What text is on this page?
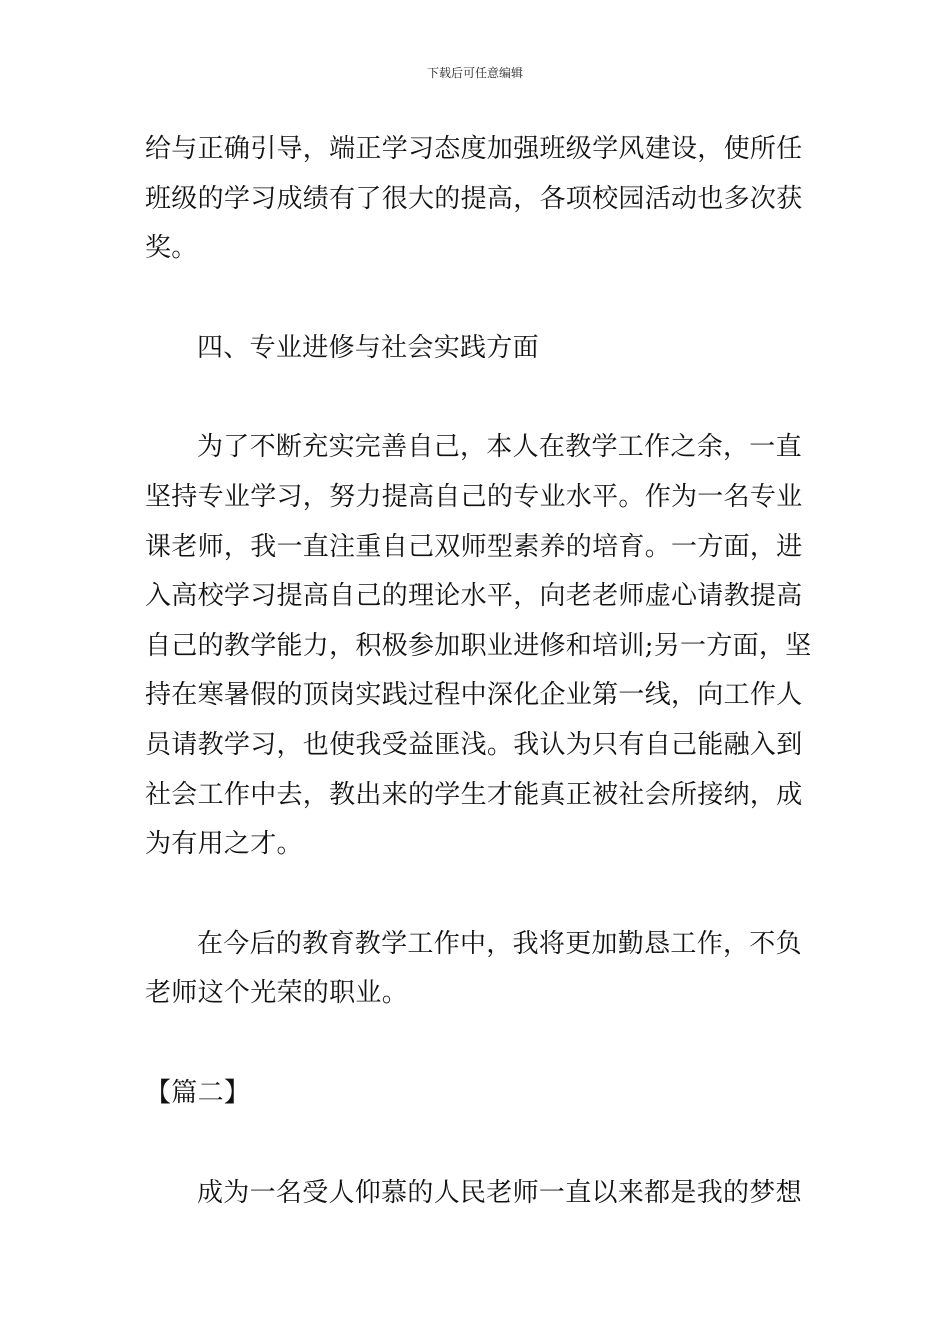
下载后可任意编辑

给与正确引导，端正学习态度加强班级学风建设，使所任
班级的学习成绩有了很大的提高，各项校园活动也多次获
奖。

四、专业进修与社会实践方面

为了不断充实完善自己，本人在教学工作之余，一直
坚持专业学习，努力提高自己的专业水平。作为一名专业
课老师，我一直注重自己双师型素养的培育。一方面，进
入高校学习提高自己的理论水平，向老老师虚心请教提高
自己的教学能力，积极参加职业进修和培训;另一方面，坚
持在寒暑假的顶岗实践过程中深化企业第一线，向工作人
员请教学习，也使我受益匪浅。我认为只有自己能融入到
社会工作中去，教出来的学生才能真正被社会所接纳，成
为有用之才。

在今后的教育教学工作中，我将更加勤恳工作，不负
老师这个光荣的职业。

【篇二】

成为一名受人仰慕的人民老师一直以来都是我的梦想
